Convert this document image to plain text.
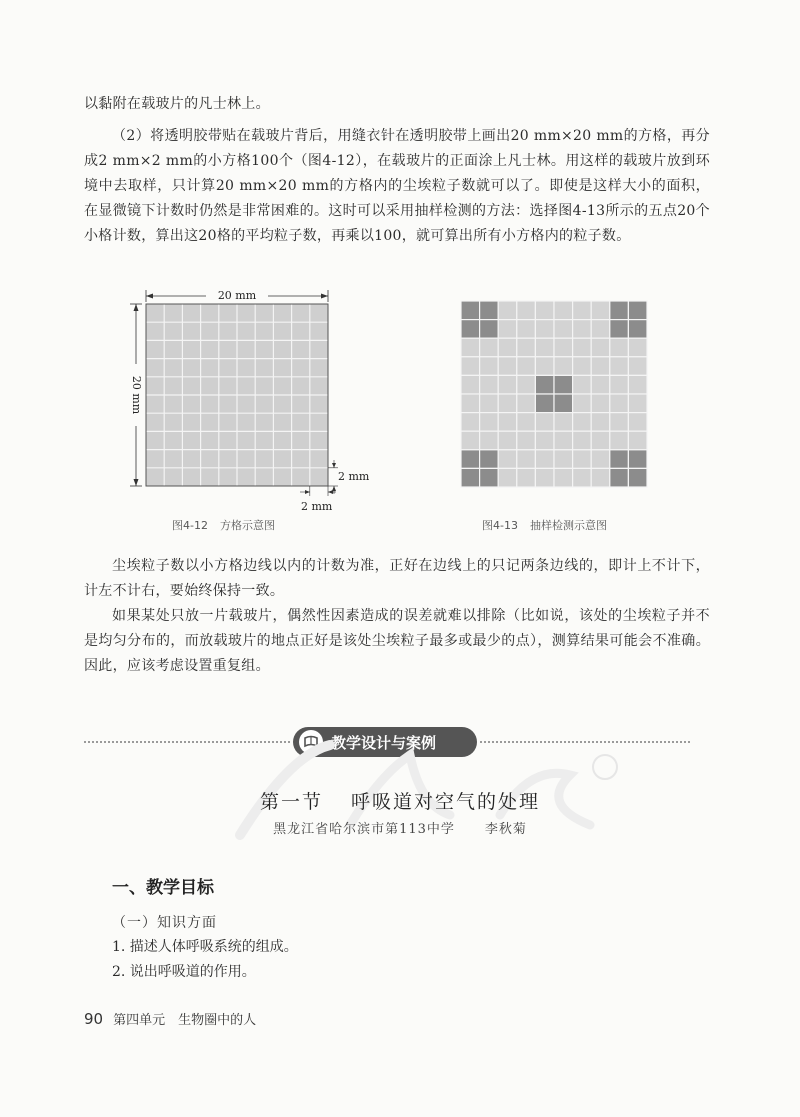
以黏附在载玻片的凡士林上。

（2）将透明胶带贴在载玻片背后，用缝衣针在透明胶带上画出20 mm×20 mm的方格，再分成2 mm×2 mm的小方格100个（图4-12），在载玻片的正面涂上凡士林。用这样的载玻片放到环境中去取样，只计算20 mm×20 mm的方格内的尘埃粒子数就可以了。即使是这样大小的面积，在显微镜下计数时仍然是非常困难的。这时可以采用抽样检测的方法：选择图4-13所示的五点20个小格计数，算出这20格的平均粒子数，再乘以100，就可算出所有小方格内的粒子数。

20 mm
20 mm
2 mm
2 mm
图4-12 方格示意图	图4-13 抽样检测示意图

尘埃粒子数以小方格边线以内的计数为准，正好在边线上的只记两条边线的，即计上不计下，计左不计右，要始终保持一致。

如果某处只放一片载玻片，偶然性因素造成的误差就难以排除（比如说，该处的尘埃粒子并不是均匀分布的，而放载玻片的地点正好是该处尘埃粒子最多或最少的点），测算结果可能会不准确。因此，应该考虑设置重复组。

教学设计与案例
第一节 呼吸道对空气的处理
黑龙江省哈尔滨市第113中学 李秋菊
一、教学目标
（一）知识方面
1. 描述人体呼吸系统的组成。
2. 说出呼吸道的作用。
90 第四单元　生物圈中的人
